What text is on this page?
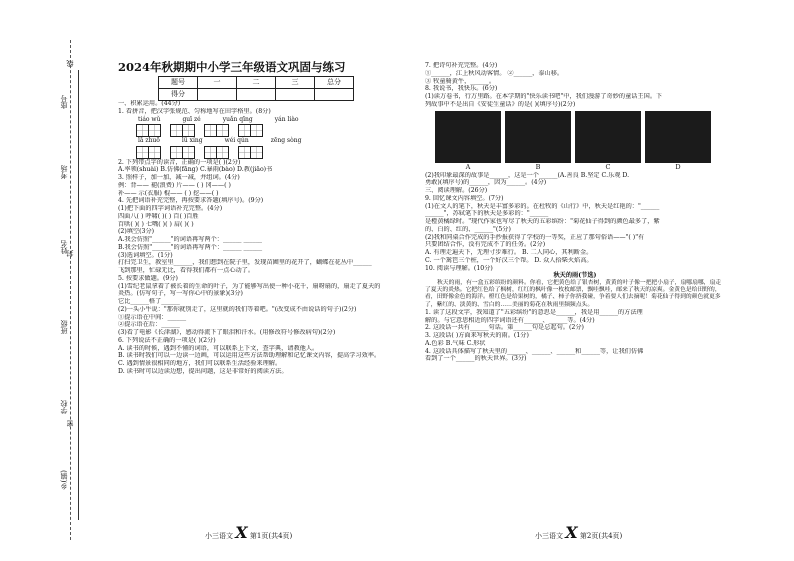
线
封
密
座号
考场
姓名
班级
学校
乡(镇)
2024年秋期期中小学三年级语文巩固与练习
题号	一	二	三	总分
得分				
一、积累运用。(44分)
1. 看拼音，把汉字张规范、匀称地写在田字格里。(8分)
tiáo wǔ	guī zé	yuǎn qīng	yán liào
lā zhuō	lǚ xíng	wéi qún	zēng sòng
2. 下列带点字的读音，正确的一项是( )(2分)
A.率领(shuài) B.仿佛(fǎng) C.暴雨(bào) D.教(jiāo)书
3. 照样子，加一加，减一减，并组词。(4分)
例：背—— 褪(浪费) 片—— ( ) 冈——( )
补—— 示(衣服) 棍—— ( ) 挖——( )
4. 先把词语补充完整，再按要求答题(填序号)。(9分)
(1)把下面的四字词语补充完整。(4分)
四面八( ) 呼啸( )( ) 百( )百胜
百哄( )( ) 七嘴( )( ) 肩( )( )
(2)填空(3分)
A.我会仿照"______"的词语再写两个：______ ______
B.我会仿照"______"的词语再写两个：______ ______
(3)选词填空。(1分)
打扫完卫生，教室里______，我们想到在院子里，发现苗圃里的花开了，蝴蝶在花丛中______
飞到那里，忙碌无比，看得我们都有一点心动了。
5. 按要求做题。(9分)
(1)雪纪老鼠拿着了被长着的生命的叶子，为了能够写出使一种小花千，扇呀扇的，扇走了夏天的
炎热。(仿写句子，写一写你心中的景象)(3分)
它比______格了______
(2)一头小牛说："那你就别走了，这里就的我们等着吧。"(改变成不由说话的句子)(2分)
①提示语在中间：______
②提示语在后：______
(3)看了电影《长津湖》，感动得流下了眼泪和汗水。(用修改符号修改病句)(2分)
6. 下列说法不正确的一项是( )(2分)
A. 读书的时候，遇到不懂的词语，可以联系上下文，查字典，请教他人。
B. 读书时我们可以一边读一边画，可以运用这些方法帮助理解和记忆课文内容，提高学习效率。
C. 遇到情景很相同的地方，我们可以联系生活经验来理解。
D. 读书时可以边读边想，提出问题，这是非常好的阅读方法。
小三语文 X 第1页(共4页)
7. 把诗句补充完整。(4分)
①______，江上秋风动客情。 ②______，泰山移。
③ 牧童骑黄牛，______。
8. 我说书，我快乐。(6分)
(1)读万卷书，行万里路。在本学期的"快乐读书吧"中，我们漫游了奇妙的童话王国。下
列故事中不是出自《安徒生童话》的是( )(填序号)(2分)
A	B	C	D
(2)我印象最深的故事是______，这是一个______(A.善良 B.坚定 C.乐观 D.
勇敢)(填序号)的______，因为______。(4分)
三、阅读理解。(26分)
9. 回忆课文内容填空。(7分)
(1)在文人的笔下，秋天是丰富多彩的。在杜牧的《山行》中，秋天是红艳的："______
______"，苏轼笔下的秋天是多彩的："______
是橙黄橘绿时。"现代作家也写尽了秋天的五彩缤纷："菊花仙子得到的颜色最多了，紫
的、白的、红的、______"(5分)
(2)我和同桌合作完成的手抄报获得了学校的一等奖，正应了那句俗语——"( )"有
只要团结合作，没有完成不了的任务。(2分)
A. 有理走遍天下，无理寸步难行。 B. 二人同心，其利断金。
C. 一个篱笆三个桩，一个好汉三个帮。 D. 众人拾柴火焰高。
10. 阅读与理解。(10分)
秋天的雨(节选)
秋天的雨，有一盒五彩缤纷的颜料。你看，它把黄色给了银杏树，黄黄的叶子像一把把小扇子，扇哪扇哪，扇走了夏天的炎热。它把红色给了枫树，红红的枫叶像一枚枚邮票，飘哇飘哇，邮来了秋天的凉爽。金黄色是给田野的，看，田野像金色的海洋。橙红色是给果树的，橘子、柿子你挤我碰，争着要人们去摘呢！菊花仙子得到的颜色就更多了，紫红的、淡黄的、雪白的……美丽的菊花在秋雨里频频点头。
1. 读了这段文字，我知道了"五彩缤纷"的意思是______，我是用______的方法理
解的。与它意思相近的四字词语还有______、______等。(4分)
2. 这段话一共有______句话。第______句是总起句。(2分)
3. 这段话( )方面来写秋天的雨。(1分)
A.色彩 B.气味 C.形状
4. 这段话具体描写了秋天里的______、______、______和______等，让我们仿佛
看到了一个______的秋天世界。(3分)
小三语文 X 第2页(共4页)
